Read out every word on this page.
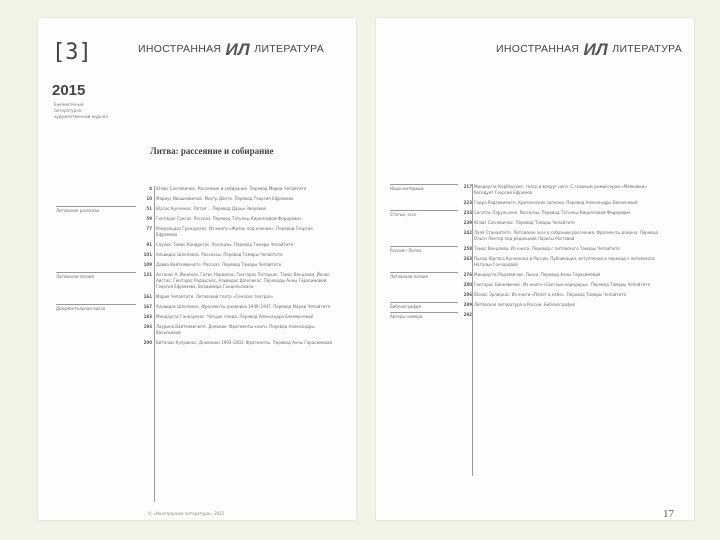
[3]
2015
Ежемесячный литературно-художественный журнал
ИНОСТРАННАЯ ИЛ ЛИТЕРАТУРА
Литва: рассеяние и собирание
4 Юлюс Сасневичюс. Рассеяние и собирание. Перевод Марии Чепайтите
10 Мариус Ивашкявичюс. Мистр Данте. Перевод Георгия Ефремова
Литовские рассказы	51 Юргис Кунчинас. Пятая ... Перевод Дарьи Зверевой
59 Гинтарас Григас. Рассказ. Перевод Татьяны Кирилловой-Федорович
77 Ромуальдас Гранаускас. Из книги «Жизнь под кленом». Перевод Георгия Ефремова
91 Саулюс Томас Кондротас. Рассказы. Перевод Тамары Чепайтите
101 Альвидас Шлепикас. Рассказы. Перевод Тамары Чепайтите
109 Дайва Вайткявичюте. Рассказ. Перевод Тамары Чепайтите
Литовская поэзия	131 Антанас А. Йонинас, Гитис Норвилас, Гинтарас Патацкас, Томас Венцлова, Йонас Аистис, Гинтарас Радаускас, Альвидас Шлепикас. Переводы Анны Герасимовой, Георгия Ефремова, Владимира Гандельсмана
161 Мария Чепайтите. Литовский театр «Сенасис театрас»
Документальная проза	167 Альвидас Шлепикас. Фрагменты дневника 1946–1947. Перевод Марии Чепайтите
183 Миндаугас Ганкаускас. Четыре этюда. Перевод Александра Бекмерчевой
193 Лаурина Вайткявичюте. Дневник. Фрагменты книги. Перевод Александры Васильевой
200 Виталюс Купрюнас. Дневники 1993–2003. Фрагменты. Перевод Анны Герасимовой
© «Иностранная литература», 2015
ИНОСТРАННАЯ ИЛ ЛИТЕРАТУРА
Наши интервью	217 Миндаугас Карбаускис: театр и вокруг него. С главным режиссером «Маяковки» беседует Георгий Ефремов
223 Гедра Радзявичюте. Критические записки. Перевод Александры Васильевой
Статьи, эссе	233 Сигитас Парульскис. Рассказы. Перевод Татьяны Кирилловой-Федорович
239 Юлюс Сасневичюс. Перевод Тамары Чепайтите
242 Лаля Станайтите. Литовское эссе о собрании рассеяния. Фрагменты романа. Перевод Ольги Лектор под редакцией Ларисы Ростовой
Россия—Литва	258 Томас Венцлова. Из книги. Перевод с литовского Тамары Чепайтите
263 Пьесы Юргиса Кунчинаса в России. Публикация, вступление и перевод с литовского Натальи Гончаровой
Литовская поэзия	276 Миндаугас Радзявичюс. Пьеса. Перевод Анны Герасимовой
280 Гинтарас Бинкявичюс. Из книги «Светлые коридоры». Перевод Тамары Чепайтите
286 Юозас Эрлицкас. Из книги «Полет в небо». Перевод Тамары Чепайтите
Библиография	289 Литовская литература в России. Библиография
Авторы номера	292
17
